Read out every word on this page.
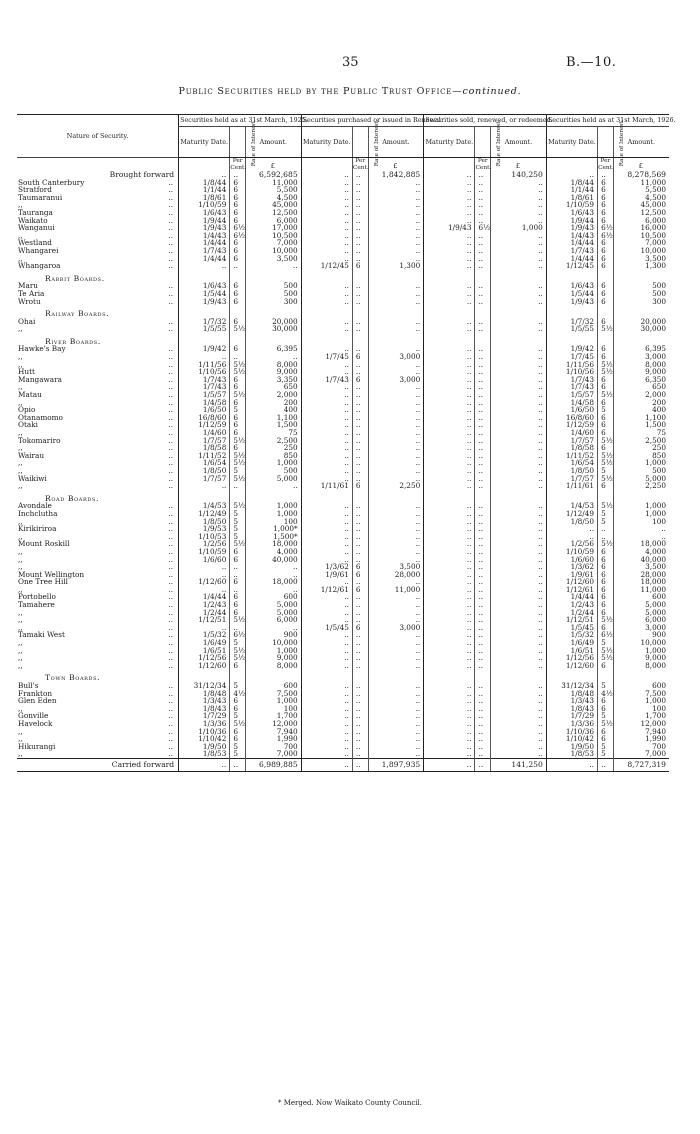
35	B.—10.
Public Securities held by the Public Trust Office—continued.
Nature of Security.	Securities held as at 31st March, 1925.			Securities purchased or issued in Renewal.			Securities sold, renewed, or redeemed.			Securities held as at 31st March, 1926.		
	Maturity Date.	Rate of Interest.	Amount.	Maturity Date.	Rate of Interest.	Amount.	Maturity Date.	Rate of Interest.	Amount.	Maturity Date.	Rate of Interest.	Amount.
		Per Cent.	£		Per Cent.	£		Per Cent.	£		Per Cent.	£
Brought forward	..	..	6,592,685	..	..	1,842,885	..	..	140,250	..	..	8,278,569
South Canterbury ..	1/8/44	6	11,000	..	..	..	..	..	..	1/8/44	6	11,000
Stratford ..	1/1/44	6	5,500	..	..	..	..	..	..	1/1/44	6	5,500
Taumaranui ..	1/8/61	6	4,500	..	..	..	..	..	..	1/8/61	6	4,500
,, ..	1/10/59	6	45,000	..	..	..	..	..	..	1/10/59	6	45,000
Tauranga ..	1/6/43	6	12,500	..	..	..	..	..	..	1/6/43	6	12,500
Waikato ..	1/9/44	6	6,000	..	..	..	..	..	..	1/9/44	6	6,000
Wanganui ..	1/9/43	6½	17,000	..	..	..	1/9/43	6½	1,000	1/9/43	6½	16,000
,, ..	1/4/43	6½	10,500	..	..	..	..	..	..	1/4/43	6½	10,500
Westland ..	1/4/44	6	7,000	..	..	..	..	..	..	1/4/44	6	7,000
Whangarei ..	1/7/43	6	10,000	..	..	..	..	..	..	1/7/43	6	10,000
,, ..	1/4/44	6	3,500	..	..	..	..	..	..	1/4/44	6	3,500
Whangaroa ..	..	..	..	1/12/45	6	1,300	..	..	..	1/12/45	6	1,300
Rabbit Boards.												
Maru ..	1/6/43	6	500	..	..	..	..	..	..	1/6/43	6	500
Te Aria ..	1/5/44	6	500	..	..	..	..	..	..	1/5/44	6	500
Wrotu ..	1/9/43	6	300	..	..	..	..	..	..	1/9/43	6	300
Railway Boards.												
Ohai ..	1/7/32	6	20,000	..	..	..	..	..	..	1/7/32	6	20,000
,, ..	1/5/55	5½	30,000	..	..	..	..	..	..	1/5/55	5½	30,000
River Boards.												
Hawke's Bay ..	1/9/42	6	6,395	..	..	..	..	..	..	1/9/42	6	6,395
,, ..	..	..	..	1/7/45	6	3,000	..	..	..	1/7/45	6	3,000
,, ..	1/11/56	5½	8,000	..	..	..	..	..	..	1/11/56	5½	8,000
Hutt ..	1/10/56	5½	9,000	..	..	..	..	..	..	1/10/56	5½	9,000
Mangawara ..	1/7/43	6	3,350	1/7/43	6	3,000	..	..	..	1/7/43	6	6,350
,, ..	1/7/43	6	650	..	..	..	..	..	..	1/7/43	6	650
Matau ..	1/5/57	5½	2,000	..	..	..	..	..	..	1/5/57	5½	2,000
,, ..	1/4/58	6	200	..	..	..	..	..	..	1/4/58	6	200
Opio ..	1/6/50	5	400	..	..	..	..	..	..	1/6/50	5	400
Otanamomo ..	16/8/60	6	1,100	..	..	..	..	..	..	16/8/60	6	1,100
Otaki ..	1/12/59	6	1,500	..	..	..	..	..	..	1/12/59	6	1,500
,, ..	1/4/60	6	75	..	..	..	..	..	..	1/4/60	6	75
Tokomariro ..	1/7/57	5½	2,500	..	..	..	..	..	..	1/7/57	5½	2,500
,, ..	1/8/58	6	250	..	..	..	..	..	..	1/8/58	6	250
Wairau ..	1/11/52	5½	850	..	..	..	..	..	..	1/11/52	5½	850
,, ..	1/6/54	5½	1,000	..	..	..	..	..	..	1/6/54	5½	1,000
,, ..	1/8/50	5	500	..	..	..	..	..	..	1/8/50	5	500
Waikiwi ..	1/7/57	5½	5,000	..	..	..	..	..	..	1/7/57	5½	5,000
,, ..	..	..	..	1/11/61	6	2,250	..	..	..	1/11/61	6	2,250
Road Boards.												
Avondale ..	1/4/53	5½	1,000	..	..	..	..	..	..	1/4/53	5½	1,000
Inchclutha ..	1/12/49	5	1,000	..	..	..	..	..	..	1/12/49	5	1,000
,, ..	1/8/50	5	100	..	..	..	..	..	..	1/8/50	5	100
Kirikiriroa ..	1/9/53	5	1,000*	..	..	..	..	..	..	..	..	..
,, ..	1/10/53	5	1,500*	..	..	..	..	..	..	..	..	..
Mount Roskill ..	1/2/56	5½	18,000	..	..	..	..	..	..	1/2/56	5½	18,000
,, ..	1/10/59	6	4,000	..	..	..	..	..	..	1/10/59	6	4,000
,, ..	1/6/60	6	40,000	..	..	..	..	..	..	1/6/60	6	40,000
,, ..	..	..	..	1/3/62	6	3,500	..	..	..	1/3/62	6	3,500
Mount Wellington ..	..	..	..	1/9/61	6	28,000	..	..	..	1/9/61	6	28,000
One Tree Hill ..	1/12/60	6	18,000	..	..	..	..	..	..	1/12/60	6	18,000
,, ..	..	..	..	1/12/61	6	11,000	..	..	..	1/12/61	6	11,000
Portobello ..	1/4/44	6	600	..	..	..	..	..	..	1/4/44	6	600
Tamahere ..	1/2/43	6	5,000	..	..	..	..	..	..	1/2/43	6	5,000
,, ..	1/2/44	6	5,000	..	..	..	..	..	..	1/2/44	6	5,000
,, ..	1/12/51	5½	6,000	..	..	..	..	..	..	1/12/51	5½	6,000
,, ..	..	..	..	1/5/45	6	3,000	..	..	..	1/5/45	6	3,000
Tamaki West ..	1/5/32	6½	900	..	..	..	..	..	..	1/5/32	6½	900
,, ..	1/6/49	5	10,000	..	..	..	..	..	..	1/6/49	5	10,000
,, ..	1/6/51	5½	1,000	..	..	..	..	..	..	1/6/51	5½	1,000
,, ..	1/12/56	5½	9,000	..	..	..	..	..	..	1/12/56	5½	9,000
,, ..	1/12/60	6	8,000	..	..	..	..	..	..	1/12/60	6	8,000
Town Boards.												
Bull's ..	31/12/34	5	600	..	..	..	..	..	..	31/12/34	5	600
Frankton ..	1/8/48	4½	7,500	..	..	..	..	..	..	1/8/48	4½	7,500
Glen Eden ..	1/3/43	6	1,000	..	..	..	..	..	..	1/3/43	6	1,000
,, ..	1/8/43	6	100	..	..	..	..	..	..	1/8/43	6	100
Gonville ..	1/7/29	5	1,700	..	..	..	..	..	..	1/7/29	5	1,700
Havelock ..	1/3/36	5½	12,000	..	..	..	..	..	..	1/3/36	5½	12,000
,, ..	1/10/36	6	7,940	..	..	..	..	..	..	1/10/36	6	7,940
,, ..	1/10/42	6	1,990	..	..	..	..	..	..	1/10/42	6	1,990
Hikurangi ..	1/9/50	5	700	..	..	..	..	..	..	1/9/50	5	700
,, ..	1/8/53	5	7,000	..	..	..	..	..	..	1/8/53	5	7,000
Carried forward	..	..	6,989,885	..	..	1,897,935	..	..	141,250	..	..	8,727,319
* Merged. Now Waikato County Council.
